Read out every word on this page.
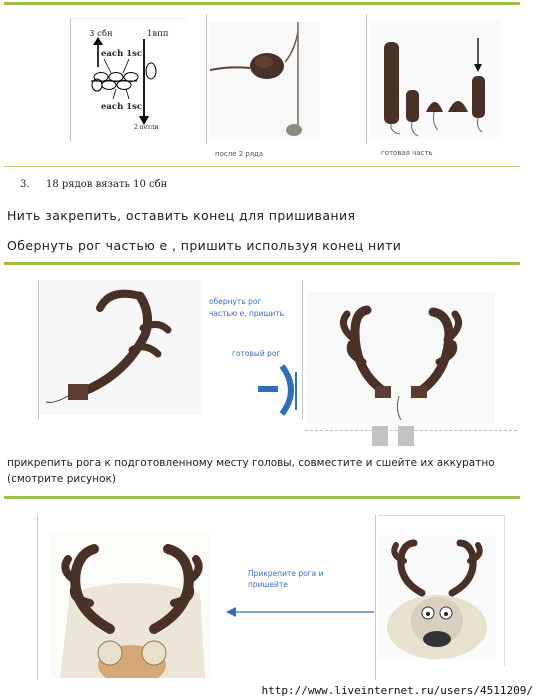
3 сбн	1впп
each 1sc
each 1sc
2 петли
после 2 ряда	готовая часть
3. 18 рядов вязать 10 сбн
Нить закрепить, оставить конец для пришивания
Обернуть рог частью е , пришить используя конец нити
обернуть рог
частью е, пришить
готовый рог
прикрепить рога к подготовленному месту головы, совместите и сшейте их аккуратно
(смотрите рисунок)
Прикрепите рога и
пришейте
http://www.liveinternet.ru/users/4511209/
